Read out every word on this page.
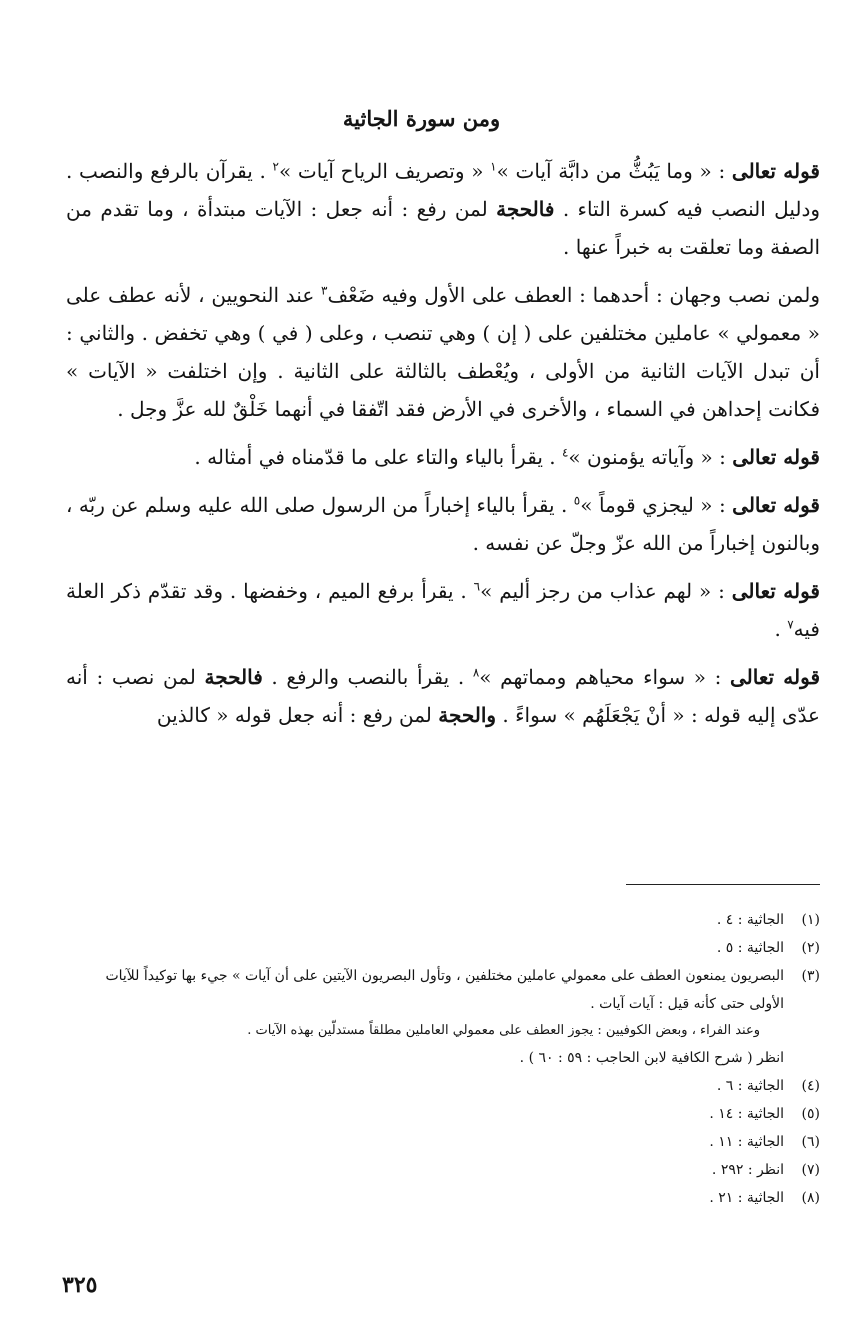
ومن سورة الجاثية

قوله تعالى : « وما يَبُثُّ من دابَّة آيات »$^١$ « وتصريف الرياح آيات »$^٢$ . يقرآن بالرفع والنصب . ودليل النصب فيه كسرة التاء . فالحجة لمن رفع : أنه جعل : الآيات مبتدأة ، وما تقدم من الصفة وما تعلقت به خبراً عنها .

ولمن نصب وجهان : أحدهما : العطف على الأول وفيه ضَعْف$^٣$ عند النحويين ، لأنه عطف على « معمولي » عاملين مختلفين على ( إن ) وهي تنصب ، وعلى ( في ) وهي تخفض . والثاني : أن تبدل الآيات الثانية من الأولى ، ويُعْطف بالثالثة على الثانية . وإن اختلفت « الآيات » فكانت إحداهن في السماء ، والأخرى في الأرض فقد اتّفقا في أنهما خَلْقٌ لله عزَّ وجل .

قوله تعالى : « وآياته يؤمنون »$^٤$ . يقرأ بالياء والتاء على ما قدّمناه في أمثاله .

قوله تعالى : « ليجزي قوماً »$^٥$ . يقرأ بالياء إخباراً من الرسول صلى الله عليه وسلم عن ربّه ، وبالنون إخباراً من الله عزّ وجلّ عن نفسه .

قوله تعالى : « لهم عذاب من رجز أليم »$^٦$ . يقرأ برفع الميم ، وخفضها . وقد تقدّم ذكر العلة فيه$^٧$ .

قوله تعالى : « سواء محياهم ومماتهم »$^٨$ . يقرأ بالنصب والرفع . فالحجة لمن نصب : أنه عدّى إليه قوله : « أنْ يَجْعَلَهُم » سواءً . والحجة لمن رفع : أنه جعل قوله « كالذين

(١)
الجاثية : ٤ .
(٢)
الجاثية : ٥ .
(٣)
البصريون يمنعون العطف على معمولي عاملين مختلفين ، وتأول البصريون الآيتين على أن آيات » جيء بها توكيداً للآيات الأولى حتى كأنه قيل : آيات آيات .
وعند الفراء ، وبعض الكوفيين : يجوز العطف على معمولي العاملين مطلقاً مستدلّين بهذه الآيات .
انظر ( شرح الكافية لابن الحاجب : ٥٩ : ٦٠ ) .
(٤)
الجاثية : ٦ .
(٥)
الجاثية : ١٤ .
(٦)
الجاثية : ١١ .
(٧)
انظر : ٢٩٢ .
(٨)
الجاثية : ٢١ .
٣٢٥
